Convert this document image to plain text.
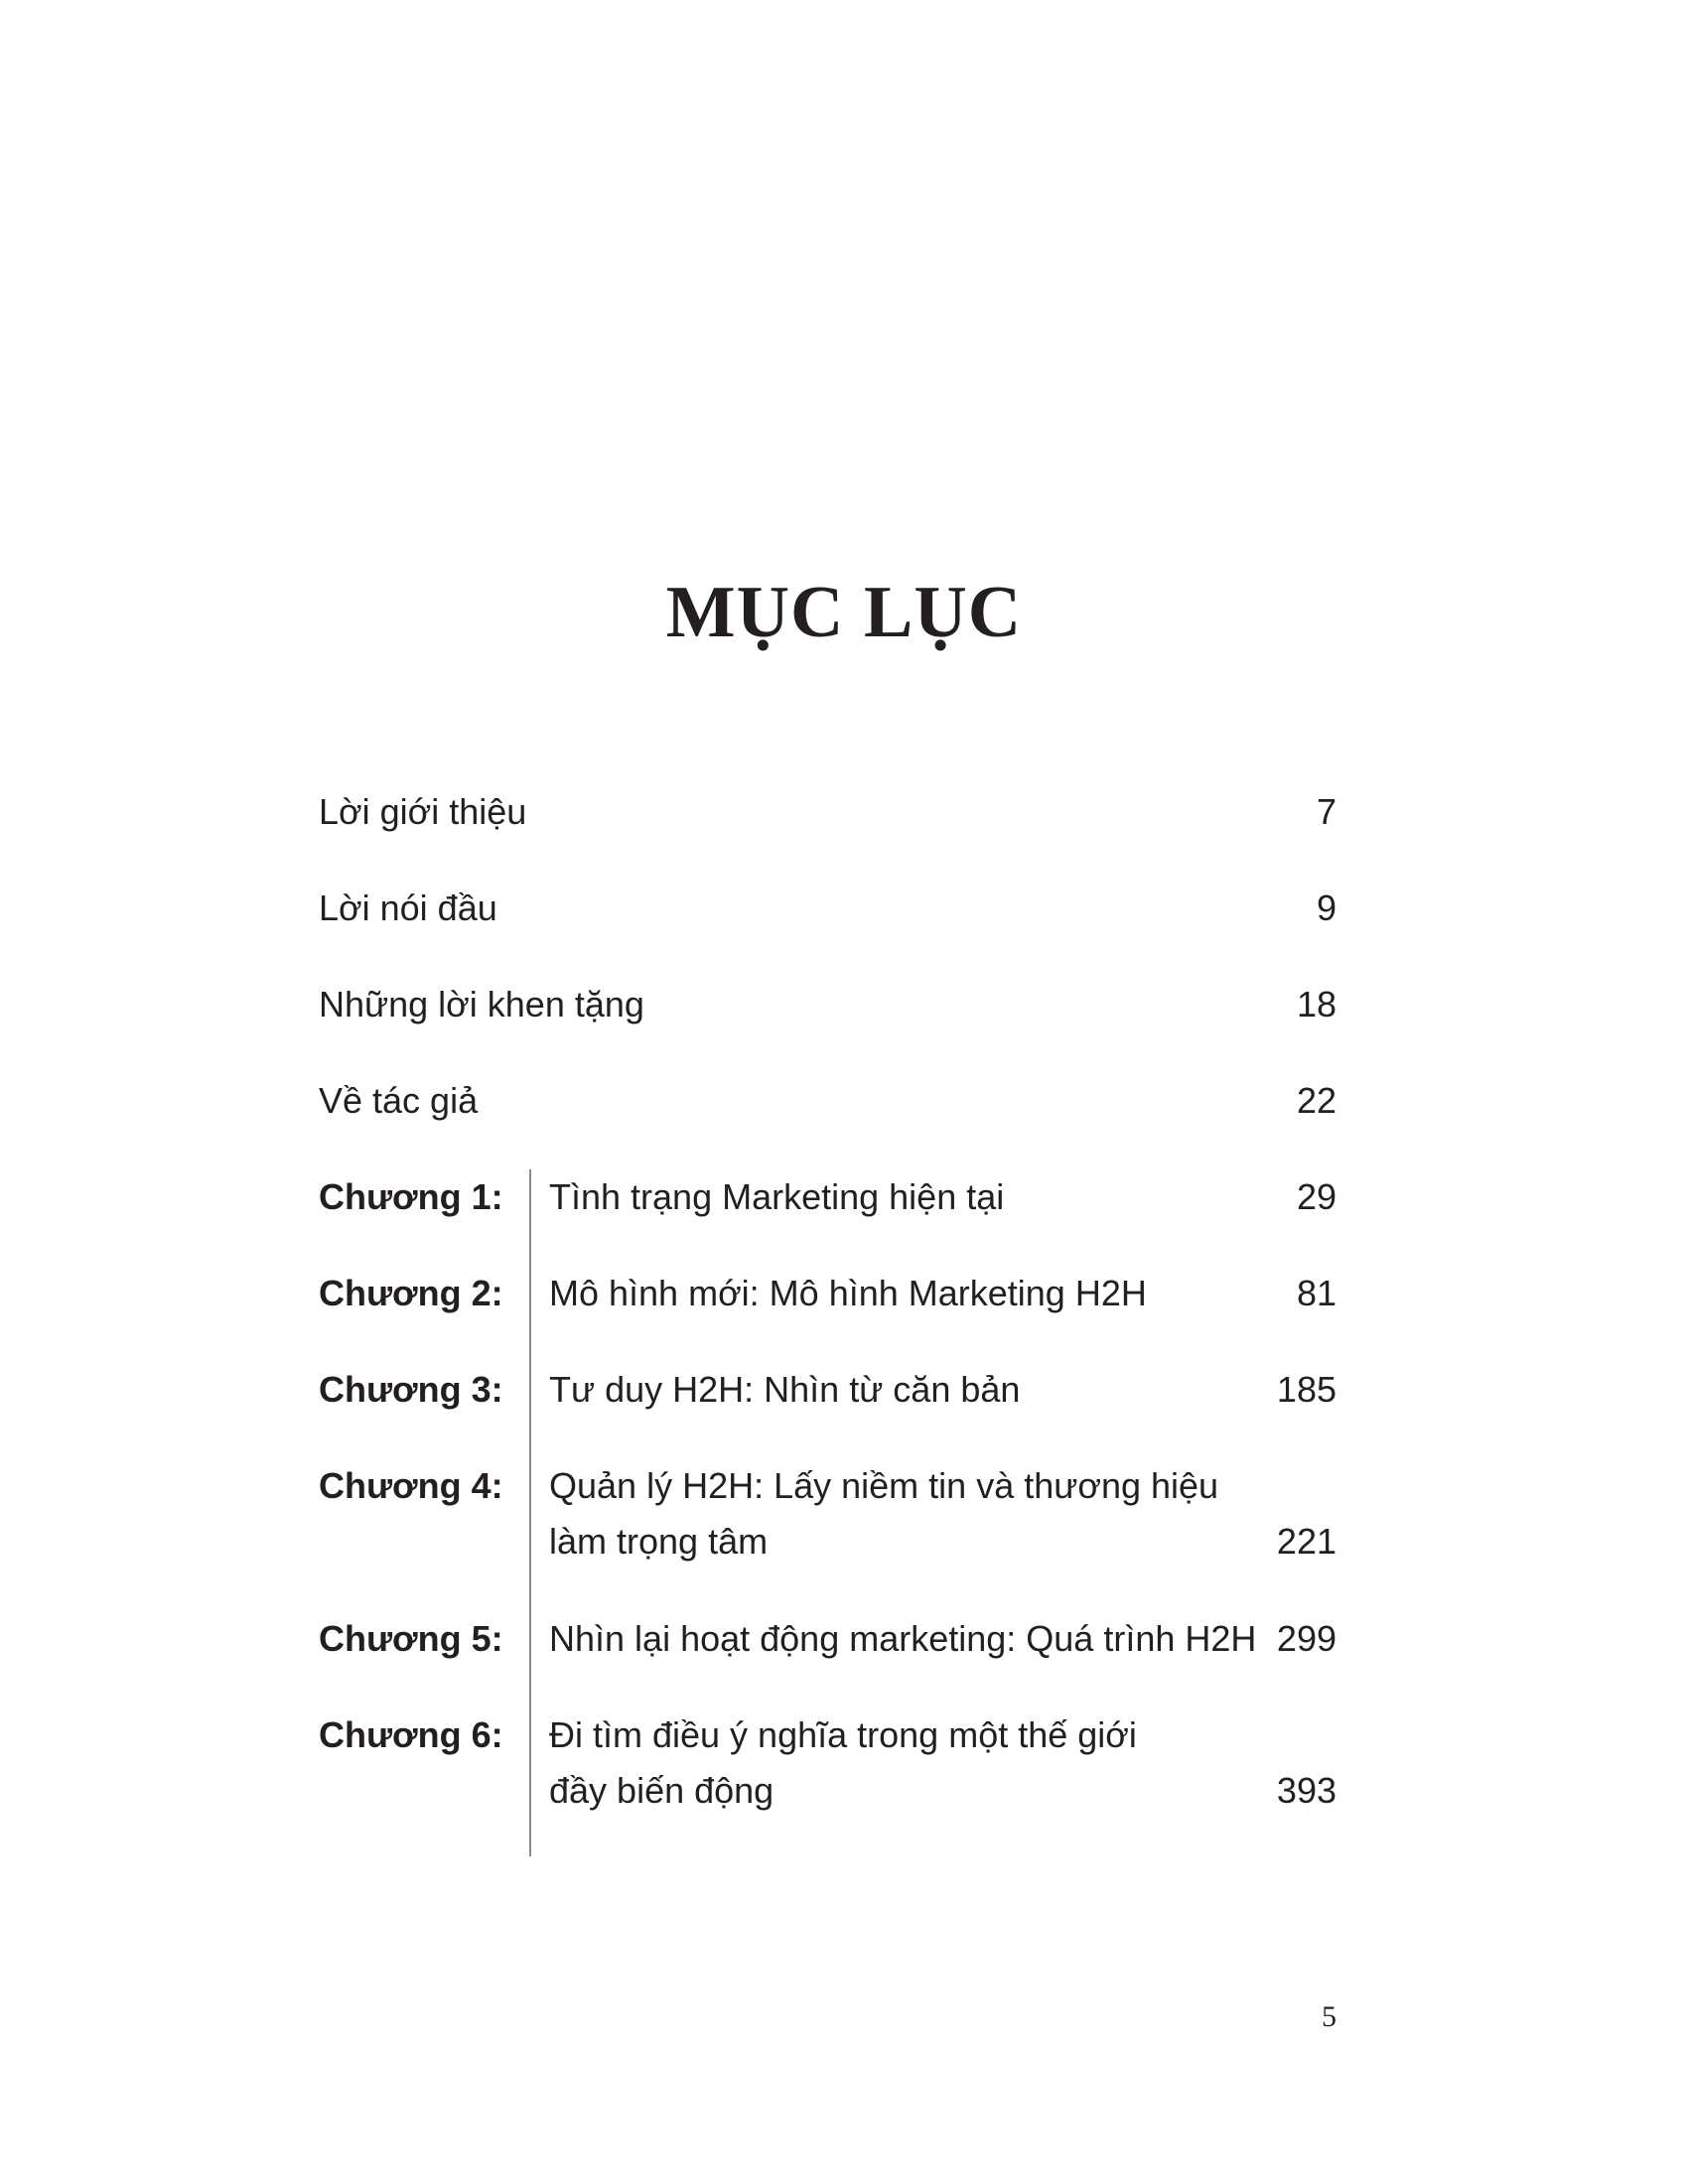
MỤC LỤC
Lời giới thiệu	7
Lời nói đầu	9
Những lời khen tặng	18
Về tác giả	22
Chương 1: Tình trạng Marketing hiện tại	29
Chương 2: Mô hình mới: Mô hình Marketing H2H	81
Chương 3: Tư duy H2H: Nhìn từ căn bản	185
Chương 4: Quản lý H2H: Lấy niềm tin và thương hiệu
làm trọng tâm	221
Chương 5: Nhìn lại hoạt động marketing: Quá trình H2H 299
Chương 6: Đi tìm điều ý nghĩa trong một thế giới
đầy biến động	393
5
